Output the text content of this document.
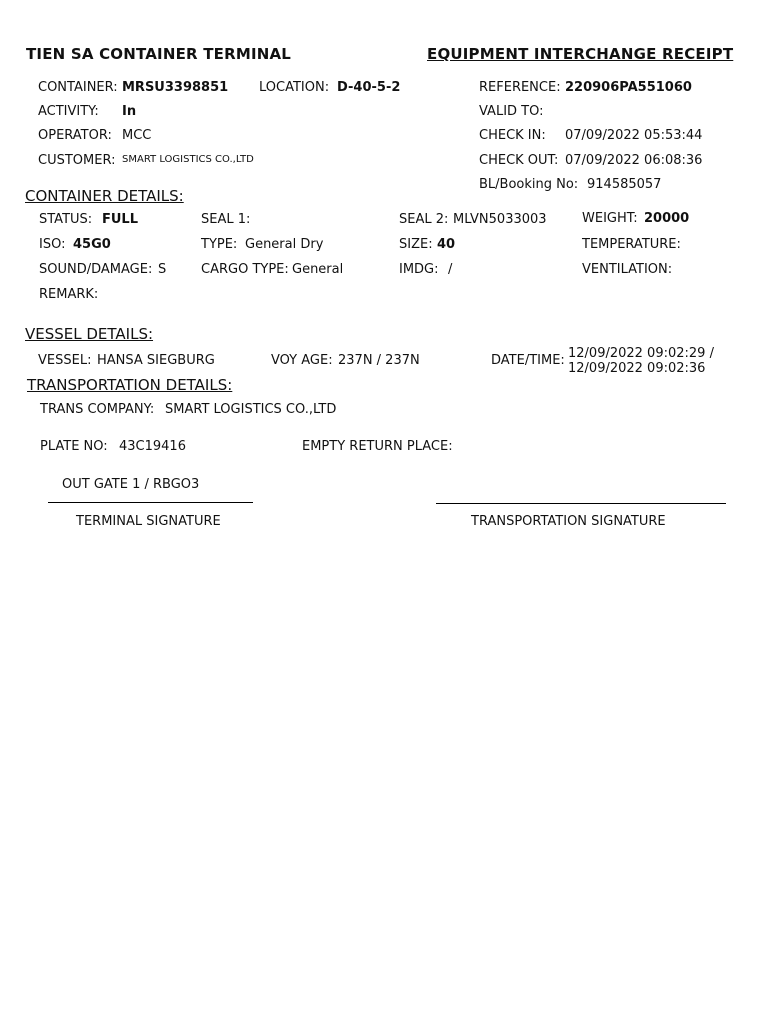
TIEN SA CONTAINER TERMINAL	EQUIPMENT INTERCHANGE RECEIPT
CONTAINER: MRSU3398851 LOCATION: D-40-5-2
ACTIVITY: In
OPERATOR: MCC
CUSTOMER: SMART LOGISTICS CO.,LTD
REFERENCE: 220906PA551060
VALID TO:
CHECK IN: 07/09/2022 05:53:44
CHECK OUT: 07/09/2022 06:08:36
BL/Booking No: 914585057
CONTAINER DETAILS:
STATUS: FULL	SEAL 1:	SEAL 2: MLVN5033003	WEIGHT: 20000
ISO: 45G0	TYPE: General Dry	SIZE: 40	TEMPERATURE:
SOUND/DAMAGE: S	CARGO TYPE: General	IMDG: /	VENTILATION:
REMARK:
VESSEL DETAILS:
VESSEL: HANSA SIEGBURG	VOY AGE: 237N / 237N	DATE/TIME: 12/09/2022 09:02:29 /
12/09/2022 09:02:36
TRANSPORTATION DETAILS:
TRANS COMPANY: SMART LOGISTICS CO.,LTD
PLATE NO: 43C19416	EMPTY RETURN PLACE:
OUT GATE 1 / RBGO3
TERMINAL SIGNATURE	TRANSPORTATION SIGNATURE
